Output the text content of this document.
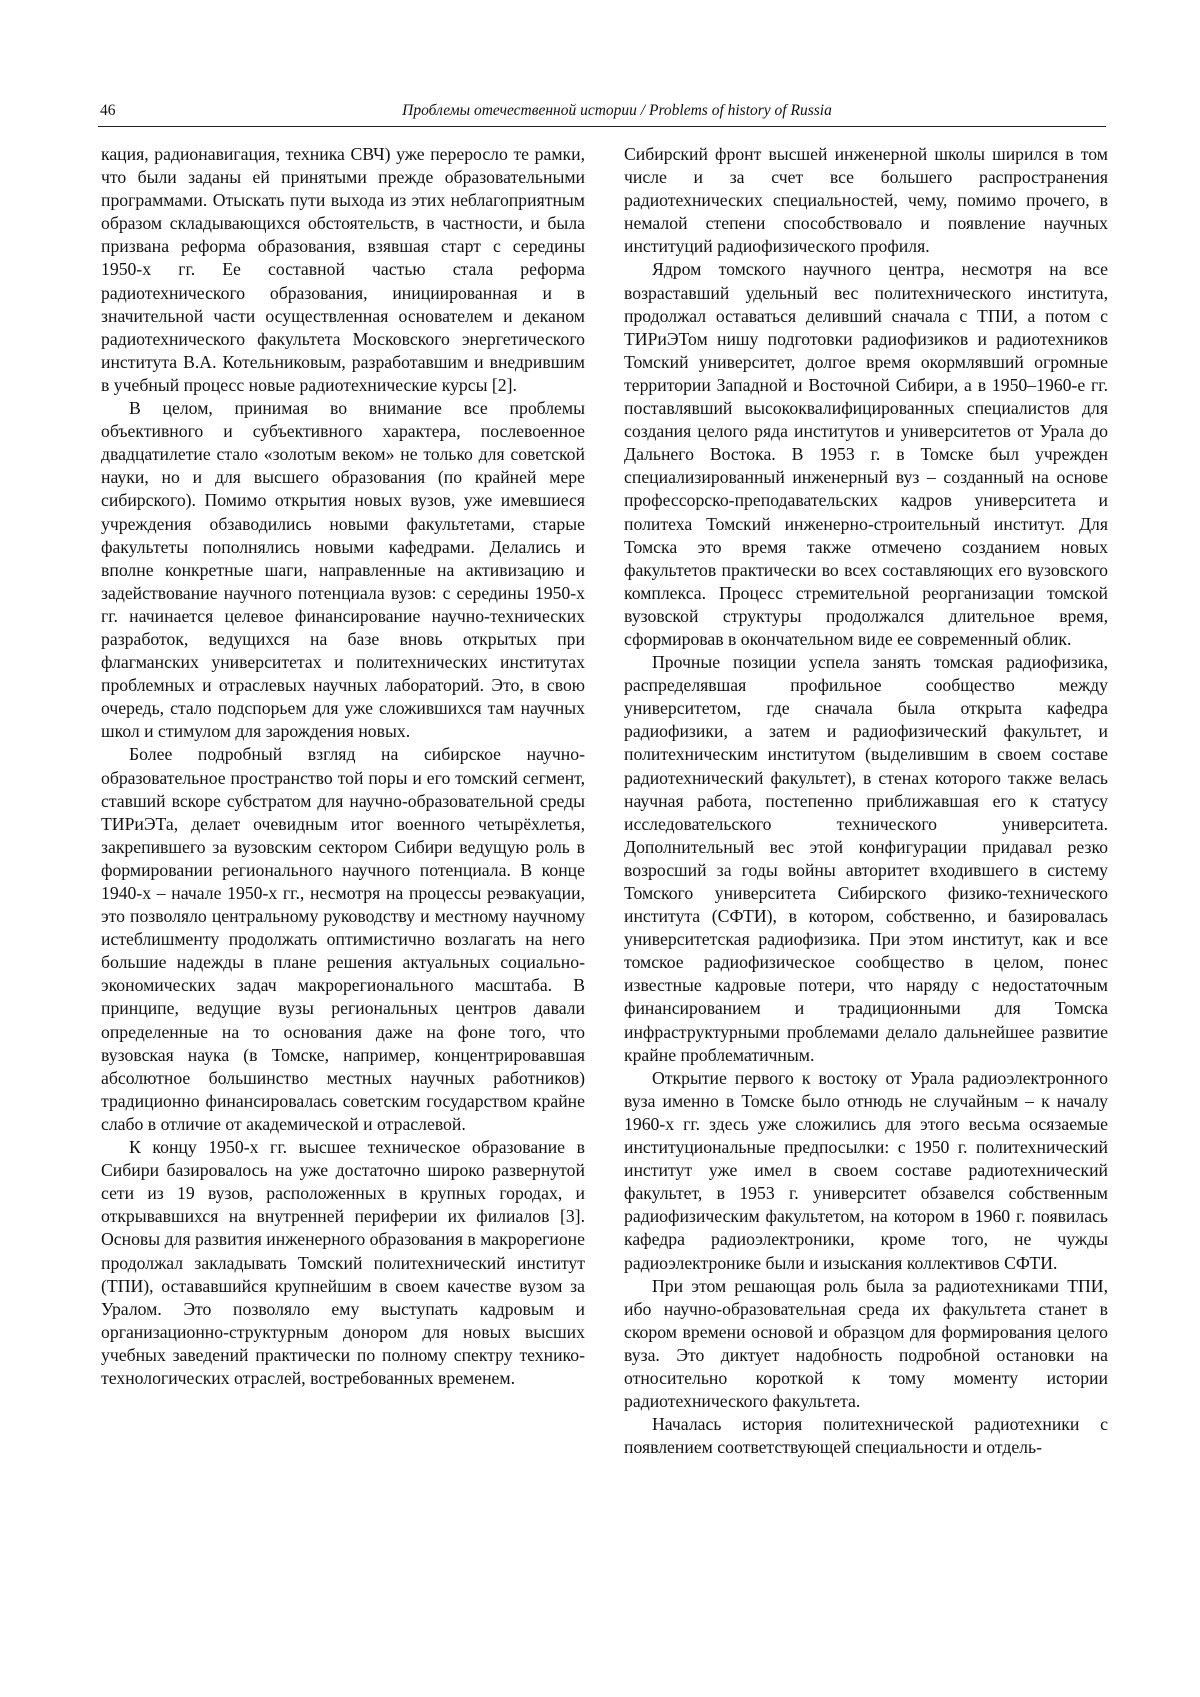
46	Проблемы отечественной истории / Problems of history of Russia

кация, радионавигация, техника СВЧ) уже переросло те рамки, что были заданы ей принятыми прежде образовательными программами. Отыскать пути выхода из этих неблагоприятным образом складывающихся обстоятельств, в частности, и была призвана реформа образования, взявшая старт с середины 1950-х гг. Ее составной частью стала реформа радиотехнического образования, инициированная и в значительной части осуществленная основателем и деканом радиотехнического факультета Московского энергетического института В.А. Котельниковым, разработавшим и внедрившим в учебный процесс новые радиотехнические курсы [2].

В целом, принимая во внимание все проблемы объективного и субъективного характера, послевоенное двадцатилетие стало «золотым веком» не только для советской науки, но и для высшего образования (по крайней мере сибирского). Помимо открытия новых вузов, уже имевшиеся учреждения обзаводились новыми факультетами, старые факультеты пополнялись новыми кафедрами. Делались и вполне конкретные шаги, направленные на активизацию и задействование научного потенциала вузов: с середины 1950-х гг. начинается целевое финансирование научно-технических разработок, ведущихся на базе вновь открытых при флагманских университетах и политехнических институтах проблемных и отраслевых научных лабораторий. Это, в свою очередь, стало подспорьем для уже сложившихся там научных школ и стимулом для зарождения новых.

Более подробный взгляд на сибирское научно-образовательное пространство той поры и его томский сегмент, ставший вскоре субстратом для научно-образовательной среды ТИРиЭТа, делает очевидным итог военного четырёхлетья, закрепившего за вузовским сектором Сибири ведущую роль в формировании регионального научного потенциала. В конце 1940-х – начале 1950-х гг., несмотря на процессы реэвакуации, это позволяло центральному руководству и местному научному истеблишменту продолжать оптимистично возлагать на него большие надежды в плане решения актуальных социально-экономических задач макрорегионального масштаба. В принципе, ведущие вузы региональных центров давали определенные на то основания даже на фоне того, что вузовская наука (в Томске, например, концентрировавшая абсолютное большинство местных научных работников) традиционно финансировалась советским государством крайне слабо в отличие от академической и отраслевой.

К концу 1950-х гг. высшее техническое образование в Сибири базировалось на уже достаточно широко развернутой сети из 19 вузов, расположенных в крупных городах, и открывавшихся на внутренней периферии их филиалов [3]. Основы для развития инженерного образования в макрорегионе продолжал закладывать Томский политехнический институт (ТПИ), остававшийся крупнейшим в своем качестве вузом за Уралом. Это позволяло ему выступать кадровым и организационно-структурным донором для новых высших учебных заведений практически по полному спектру технико-технологических отраслей, востребованных временем.

Сибирский фронт высшей инженерной школы ширился в том числе и за счет все большего распространения радиотехнических специальностей, чему, помимо прочего, в немалой степени способствовало и появление научных институций радиофизического профиля.

Ядром томского научного центра, несмотря на все возраставший удельный вес политехнического института, продолжал оставаться деливший сначала с ТПИ, а потом с ТИРиЭТом нишу подготовки радиофизиков и радиотехников Томский университет, долгое время окормлявший огромные территории Западной и Восточной Сибири, а в 1950–1960-е гг. поставлявший высококвалифицированных специалистов для создания целого ряда институтов и университетов от Урала до Дальнего Востока. В 1953 г. в Томске был учрежден специализированный инженерный вуз – созданный на основе профессорско-преподавательских кадров университета и политеха Томский инженерно-строительный институт. Для Томска это время также отмечено созданием новых факультетов практически во всех составляющих его вузовского комплекса. Процесс стремительной реорганизации томской вузовской структуры продолжался длительное время, сформировав в окончательном виде ее современный облик.

Прочные позиции успела занять томская радиофизика, распределявшая профильное сообщество между университетом, где сначала была открыта кафедра радиофизики, а затем и радиофизический факультет, и политехническим институтом (выделившим в своем составе радиотехнический факультет), в стенах которого также велась научная работа, постепенно приближавшая его к статусу исследовательского технического университета. Дополнительный вес этой конфигурации придавал резко возросший за годы войны авторитет входившего в систему Томского университета Сибирского физико-технического института (СФТИ), в котором, собственно, и базировалась университетская радиофизика. При этом институт, как и все томское радиофизическое сообщество в целом, понес известные кадровые потери, что наряду с недостаточным финансированием и традиционными для Томска инфраструктурными проблемами делало дальнейшее развитие крайне проблематичным.

Открытие первого к востоку от Урала радиоэлектронного вуза именно в Томске было отнюдь не случайным – к началу 1960-х гг. здесь уже сложились для этого весьма осязаемые институциональные предпосылки: с 1950 г. политехнический институт уже имел в своем составе радиотехнический факультет, в 1953 г. университет обзавелся собственным радиофизическим факультетом, на котором в 1960 г. появилась кафедра радиоэлектроники, кроме того, не чужды радиоэлектронике были и изыскания коллективов СФТИ.

При этом решающая роль была за радиотехниками ТПИ, ибо научно-образовательная среда их факультета станет в скором времени основой и образцом для формирования целого вуза. Это диктует надобность подробной остановки на относительно короткой к тому моменту истории радиотехнического факультета.

Началась история политехнической радиотехники с появлением соответствующей специальности и отдель-
